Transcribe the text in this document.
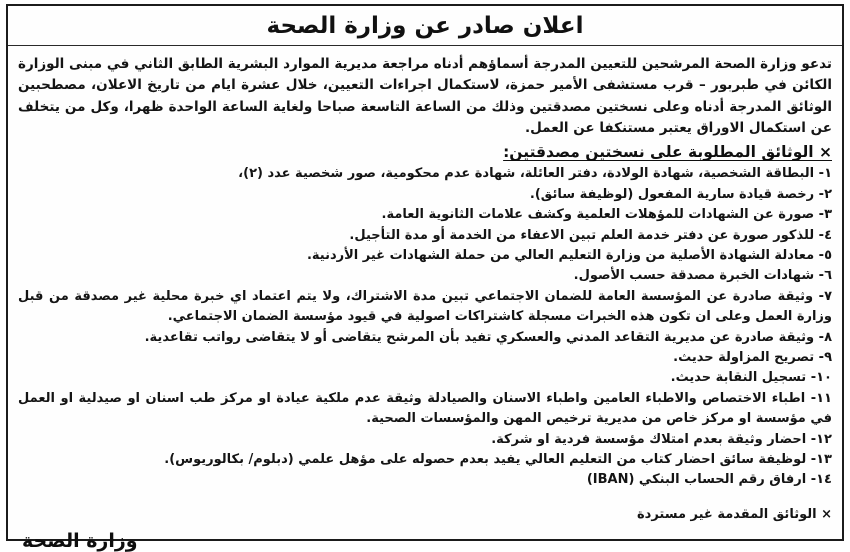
اعلان صادر عن وزارة الصحة

تدعو وزارة الصحة المرشحين للتعيين المدرجة أسماؤهم أدناه مراجعة مديرية الموارد البشرية الطابق الثاني في مبنى الوزارة الكائن في طبربور – قرب مستشفى الأمير حمزة، لاستكمال اجراءات التعيين، خلال عشرة ايام من تاريخ الاعلان، مصطحبين الوثائق المدرجة أدناه وعلى نسختين مصدقتين وذلك من الساعة التاسعة صباحا ولغاية الساعة الواحدة ظهرا، وكل من يتخلف عن استكمال الاوراق يعتبر مستنكفا عن العمل.

× الوثائق المطلوبة على نسختين مصدقتين:
١- البطاقة الشخصية، شهادة الولادة، دفتر العائلة، شهادة عدم محكومية، صور شخصية عدد (٢)،
٢- رخصة قيادة سارية المفعول (لوظيفة سائق).
٣- صورة عن الشهادات للمؤهلات العلمية وكشف علامات الثانوية العامة.
٤- للذكور صورة عن دفتر خدمة العلم تبين الاعفاء من الخدمة أو مدة التأجيل.
٥- معادلة الشهادة الأصلية من وزارة التعليم العالي من حملة الشهادات غير الأردنية.
٦- شهادات الخبرة مصدقة حسب الأصول.
٧- وثيقة صادرة عن المؤسسة العامة للضمان الاجتماعي تبين مدة الاشتراك، ولا يتم اعتماد اي خبرة محلية غير مصدقة من قبل وزارة العمل وعلى ان تكون هذه الخبرات مسجلة كاشتراكات اصولية في قيود مؤسسة الضمان الاجتماعي.
٨- وثيقة صادرة عن مديرية التقاعد المدني والعسكري تفيد بأن المرشح يتقاضى أو لا يتقاضى رواتب تقاعدية.
٩- تصريح المزاولة حديث.
١٠- تسجيل النقابة حديث.
١١- اطباء الاختصاص والاطباء العامين واطباء الاسنان والصيادلة وثيقة عدم ملكية عيادة او مركز طب اسنان او صيدلية او العمل في مؤسسة او مركز خاص من مديرية ترخيص المهن والمؤسسات الصحية.
١٢- احضار وثيقة بعدم امتلاك مؤسسة فردية او شركة.
١٣- لوظيفة سائق احضار كتاب من التعليم العالي يفيد بعدم حصوله على مؤهل علمي (دبلوم/ بكالوريوس).
١٤- ارفاق رقم الحساب البنكي (IBAN)
× الوثائق المقدمة غير مستردة
وزارة الصحة
